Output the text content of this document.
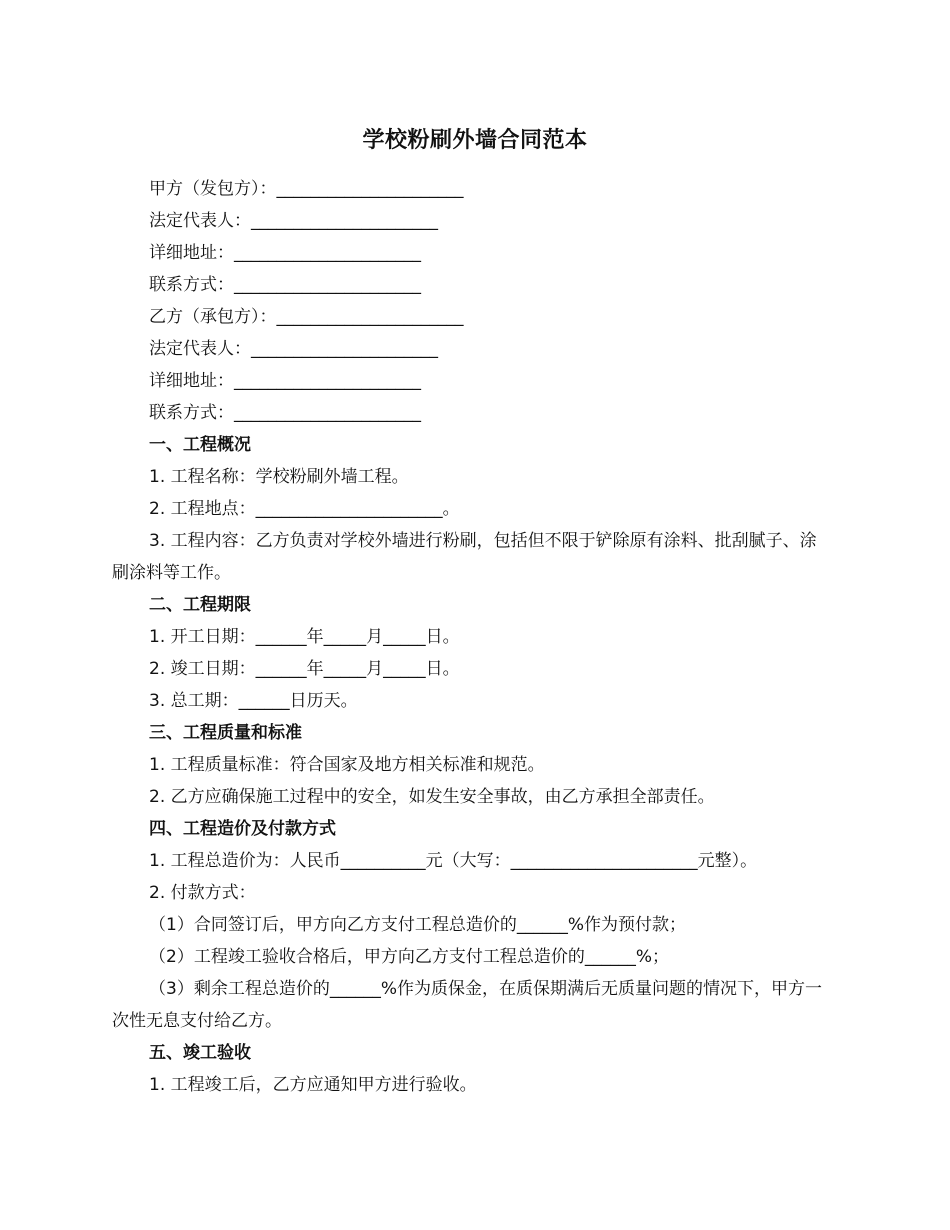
学校粉刷外墙合同范本
甲方（发包方）：______________________
法定代表人：______________________
详细地址：______________________
联系方式：______________________
乙方（承包方）：______________________
法定代表人：______________________
详细地址：______________________
联系方式：______________________
一、工程概况
1. 工程名称：学校粉刷外墙工程。
2. 工程地点：______________________。
3. 工程内容：乙方负责对学校外墙进行粉刷，包括但不限于铲除原有涂料、批刮腻子、涂刷涂料等工作。
二、工程期限
1. 开工日期：______年_____月_____日。
2. 竣工日期：______年_____月_____日。
3. 总工期：______日历天。
三、工程质量和标准
1. 工程质量标准：符合国家及地方相关标准和规范。
2. 乙方应确保施工过程中的安全，如发生安全事故，由乙方承担全部责任。
四、工程造价及付款方式
1. 工程总造价为：人民币__________元（大写：______________________元整）。
2. 付款方式：
（1）合同签订后，甲方向乙方支付工程总造价的______%作为预付款；
（2）工程竣工验收合格后，甲方向乙方支付工程总造价的______%；
（3）剩余工程总造价的______%作为质保金，在质保期满后无质量问题的情况下，甲方一次性无息支付给乙方。
五、竣工验收
1. 工程竣工后，乙方应通知甲方进行验收。
